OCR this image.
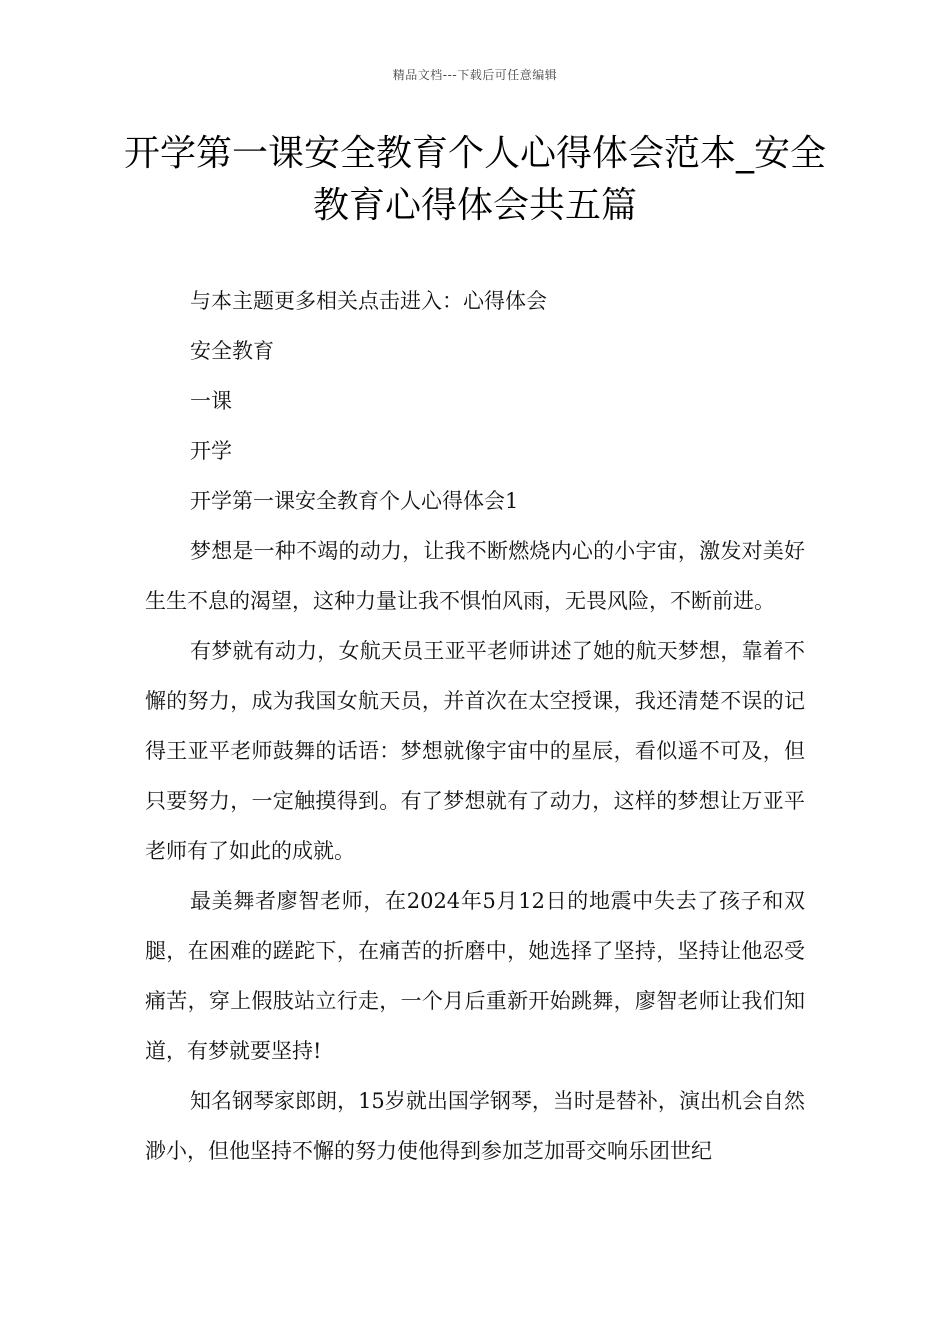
精品文档---下载后可任意编辑
开学第一课安全教育个人心得体会范本_安全教育心得体会共五篇

与本主题更多相关点击进入：心得体会

安全教育

一课

开学

开学第一课安全教育个人心得体会1

梦想是一种不竭的动力，让我不断燃烧内心的小宇宙，激发对美好生生不息的渴望，这种力量让我不惧怕风雨，无畏风险，不断前进。

有梦就有动力，女航天员王亚平老师讲述了她的航天梦想，靠着不懈的努力，成为我国女航天员，并首次在太空授课，我还清楚不误的记得王亚平老师鼓舞的话语：梦想就像宇宙中的星辰，看似遥不可及，但只要努力，一定触摸得到。有了梦想就有了动力，这样的梦想让万亚平老师有了如此的成就。

最美舞者廖智老师，在2024年5月12日的地震中失去了孩子和双腿，在困难的蹉跎下，在痛苦的折磨中，她选择了坚持，坚持让他忍受痛苦，穿上假肢站立行走，一个月后重新开始跳舞，廖智老师让我们知道，有梦就要坚持!

知名钢琴家郎朗，15岁就出国学钢琴，当时是替补，演出机会自然渺小，但他坚持不懈的努力使他得到参加芝加哥交响乐团世纪
